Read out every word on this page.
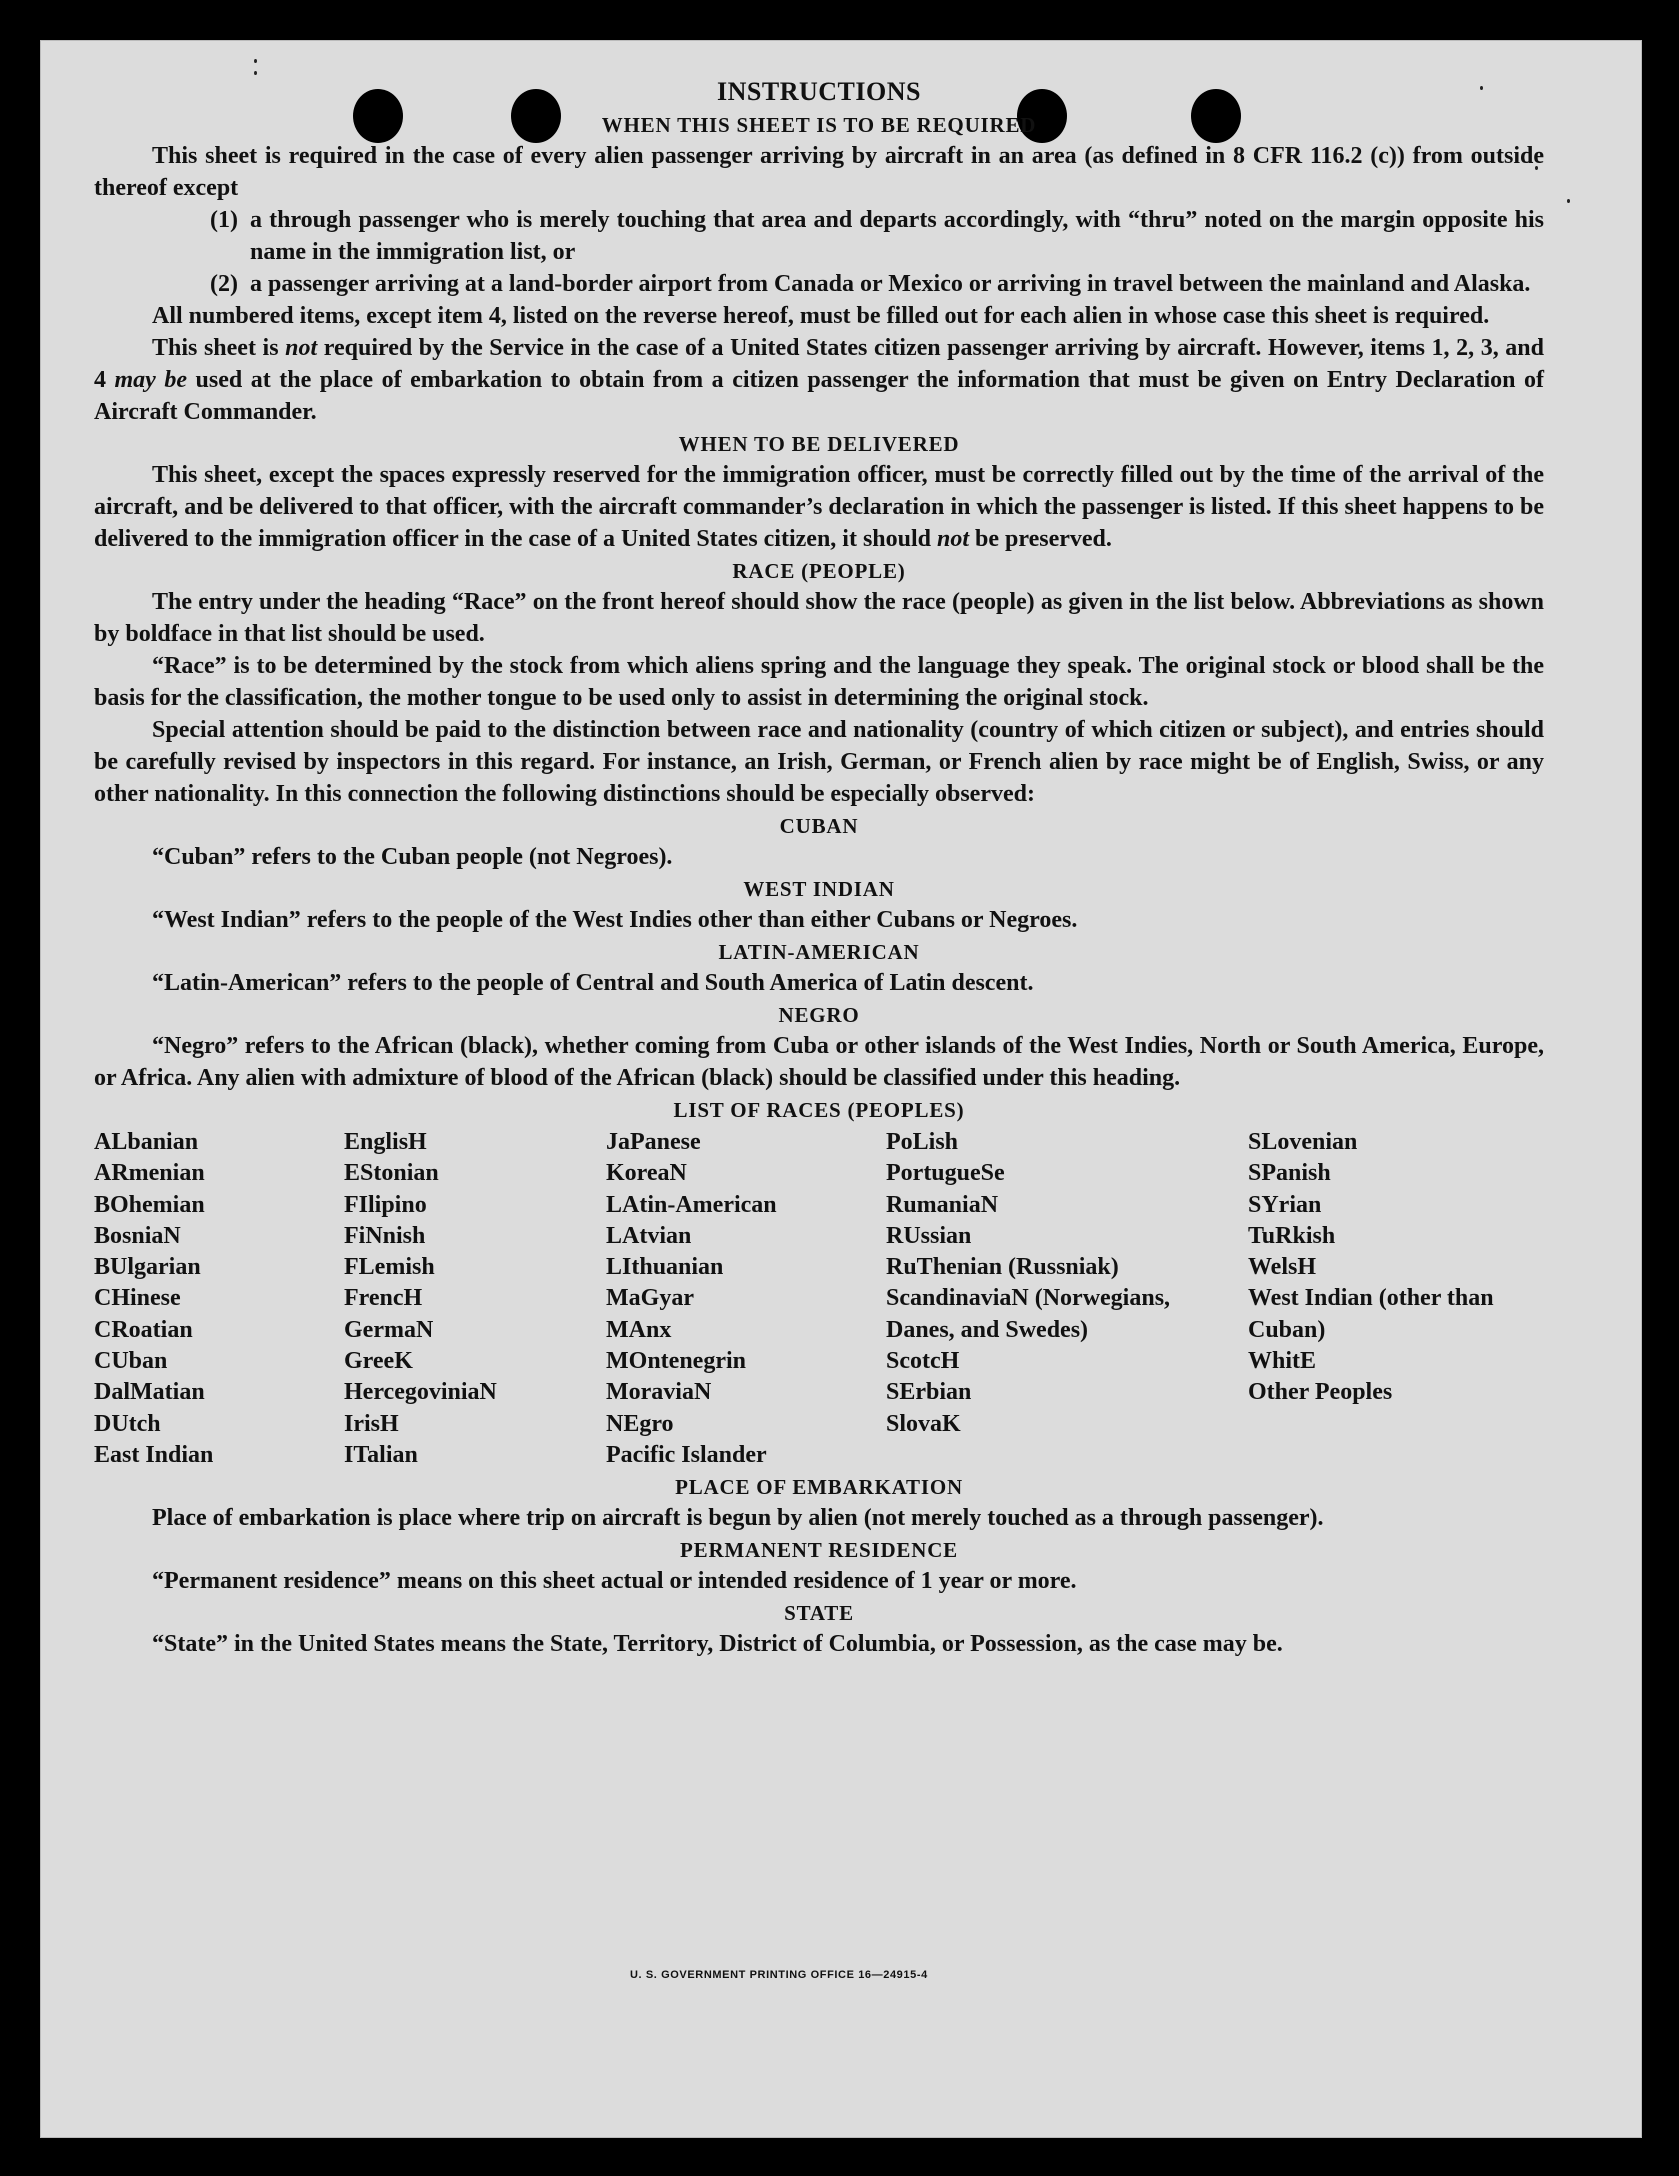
INSTRUCTIONS
WHEN THIS SHEET IS TO BE REQUIRED
This sheet is required in the case of every alien passenger arriving by aircraft in an area (as defined in 8 CFR 116.2 (c)) from outside thereof except
(1) a through passenger who is merely touching that area and departs accordingly, with “thru” noted on the margin opposite his name in the immigration list, or
(2) a passenger arriving at a land-border airport from Canada or Mexico or arriving in travel between the mainland and Alaska.
All numbered items, except item 4, listed on the reverse hereof, must be filled out for each alien in whose case this sheet is required.
This sheet is not required by the Service in the case of a United States citizen passenger arriving by aircraft. However, items 1, 2, 3, and 4 may be used at the place of embarkation to obtain from a citizen passenger the information that must be given on Entry Declaration of Aircraft Commander.
WHEN TO BE DELIVERED
This sheet, except the spaces expressly reserved for the immigration officer, must be correctly filled out by the time of the arrival of the aircraft, and be delivered to that officer, with the aircraft commander’s declaration in which the passenger is listed. If this sheet happens to be delivered to the immigration officer in the case of a United States citizen, it should not be preserved.
RACE (PEOPLE)
The entry under the heading “Race” on the front hereof should show the race (people) as given in the list below. Abbreviations as shown by boldface in that list should be used.
“Race” is to be determined by the stock from which aliens spring and the language they speak. The original stock or blood shall be the basis for the classification, the mother tongue to be used only to assist in determining the original stock.
Special attention should be paid to the distinction between race and nationality (country of which citizen or subject), and entries should be carefully revised by inspectors in this regard. For instance, an Irish, German, or French alien by race might be of English, Swiss, or any other nationality. In this connection the following distinctions should be especially observed:
CUBAN
“Cuban” refers to the Cuban people (not Negroes).
WEST INDIAN
“West Indian” refers to the people of the West Indies other than either Cubans or Negroes.
LATIN-AMERICAN
“Latin-American” refers to the people of Central and South America of Latin descent.
NEGRO
“Negro” refers to the African (black), whether coming from Cuba or other islands of the West Indies, North or South America, Europe, or Africa. Any alien with admixture of blood of the African (black) should be classified under this heading.
LIST OF RACES (PEOPLES)
ALbanian
ARmenian
BOhemian
BosniaN
BUlgarian
CHinese
CRoatian
CUban
DalMatian
DUtch
East Indian
EnglisH
EStonian
FIlipino
FiNnish
FLemish
FrencH
GermaN
GreeK
HercegoviniaN
IrisH
ITalian
JaPanese
KoreaN
LAtin-American
LAtvian
LIthuanian
MaGyar
MAnx
MOntenegrin
MoraviaN
NEgro
Pacific Islander
PoLish
PortugueSe
RumaniaN
RUssian
RuThenian (Russniak)
ScandinaviaN (Norwegians, Danes, and Swedes)
ScotcH
SErbian
SlovaK
SLovenian
SPanish
SYrian
TuRkish
WelsH
West Indian (other than Cuban)
WhitE
Other Peoples
PLACE OF EMBARKATION
Place of embarkation is place where trip on aircraft is begun by alien (not merely touched as a through passenger).
PERMANENT RESIDENCE
“Permanent residence” means on this sheet actual or intended residence of 1 year or more.
STATE
“State” in the United States means the State, Territory, District of Columbia, or Possession, as the case may be.
U. S. GOVERNMENT PRINTING OFFICE 16—24915-4
